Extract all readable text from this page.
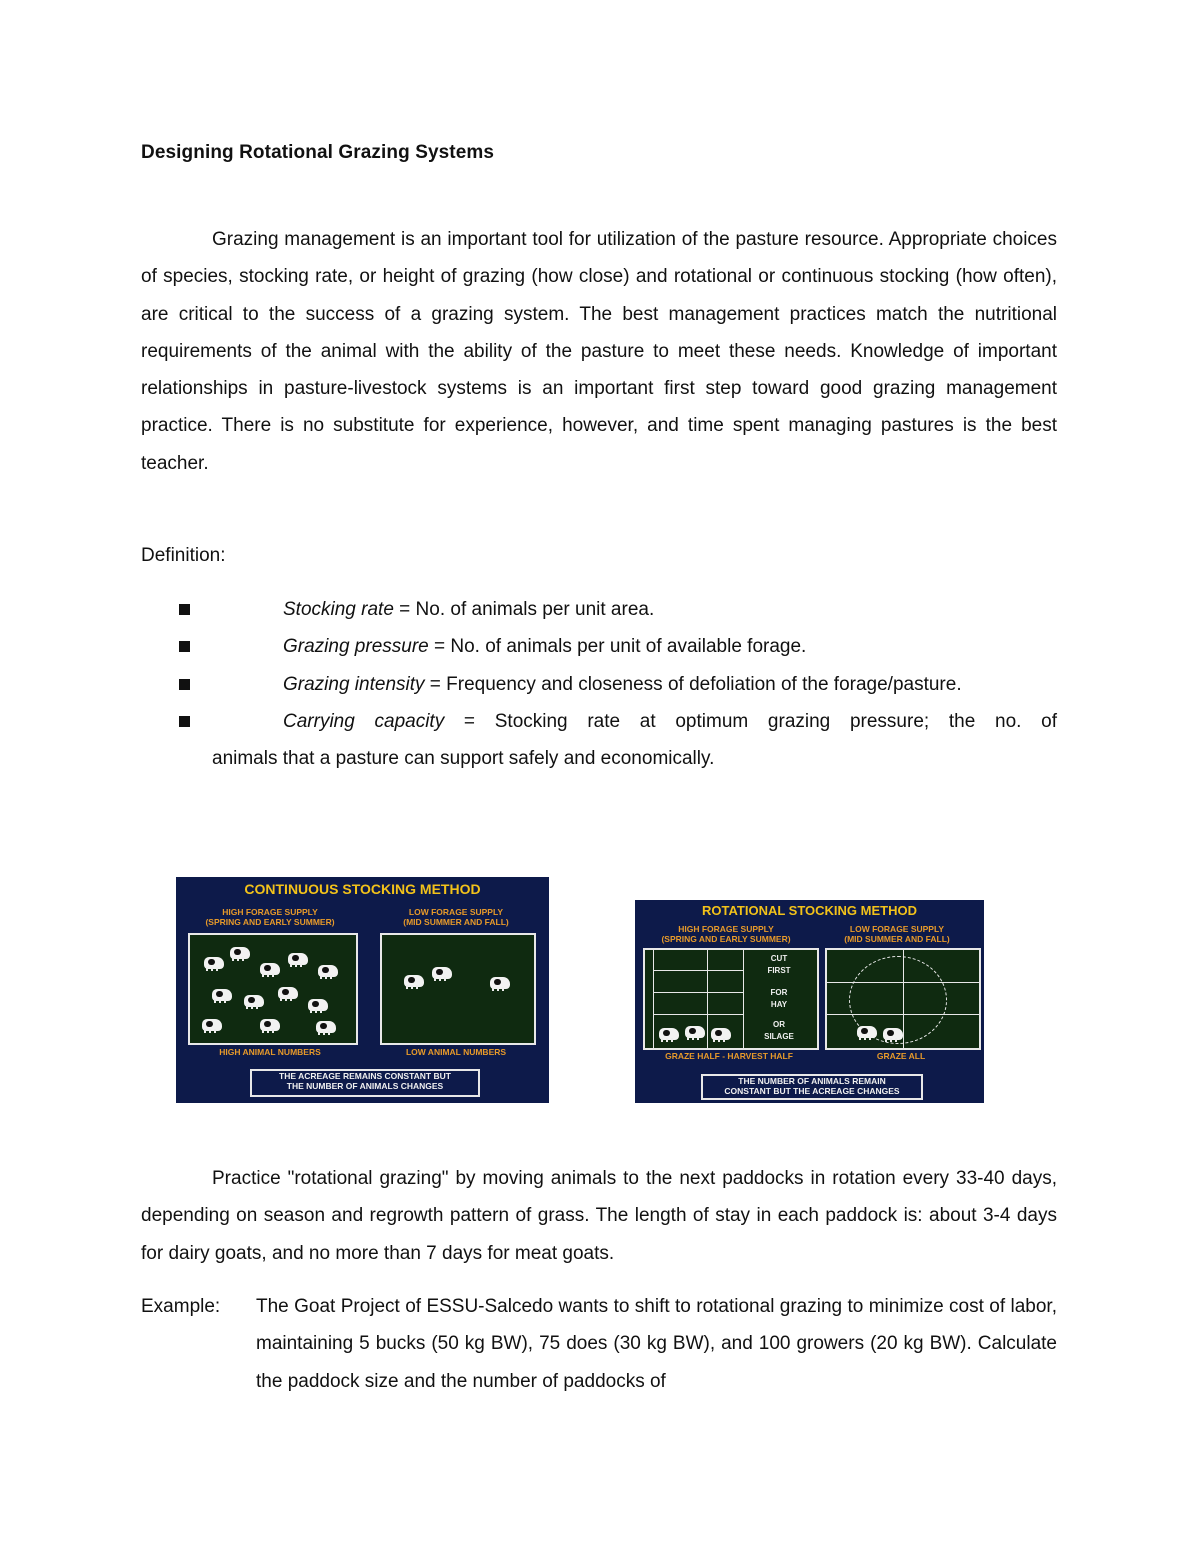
Designing Rotational Grazing Systems

Grazing management is an important tool for utilization of the pasture resource. Appropriate choices of species, stocking rate, or height of grazing (how close) and rotational or continuous stocking (how often), are critical to the success of a grazing system. The best management practices match the nutritional requirements of the animal with the ability of the pasture to meet these needs. Knowledge of important relationships in pasture-livestock systems is an important first step toward good grazing management practice. There is no substitute for experience, however, and time spent managing pastures is the best teacher.

Definition:
Stocking rate = No. of animals per unit area.
Grazing pressure = No. of animals per unit of available forage.
Grazing intensity = Frequency and closeness of defoliation of the forage/pasture.
Carrying capacity = Stocking rate at optimum grazing pressure; the no. of
animals that a pasture can support safely and economically.
CONTINUOUS STOCKING METHOD
HIGH FORAGE SUPPLY
(SPRING AND EARLY SUMMER)
LOW FORAGE SUPPLY
(MID SUMMER AND FALL)
HIGH ANIMAL NUMBERS	LOW ANIMAL NUMBERS
THE ACREAGE REMAINS CONSTANT BUT
THE NUMBER OF ANIMALS CHANGES
ROTATIONAL STOCKING METHOD
HIGH FORAGE SUPPLY
(SPRING AND EARLY SUMMER)
LOW FORAGE SUPPLY
(MID SUMMER AND FALL)
CUT
FIRST
FOR
HAY
OR
SILAGE
GRAZE HALF - HARVEST HALF	GRAZE ALL
THE NUMBER OF ANIMALS REMAIN
CONSTANT BUT THE ACREAGE CHANGES

Practice "rotational grazing" by moving animals to the next paddocks in rotation every 33-40 days, depending on season and regrowth pattern of grass. The length of stay in each paddock is: about 3-4 days for dairy goats, and no more than 7 days for meat goats.

Example: The Goat Project of ESSU-Salcedo wants to shift to rotational grazing to minimize cost of labor, maintaining 5 bucks (50 kg BW), 75 does (30 kg BW), and 100 growers (20 kg BW). Calculate the paddock size and the number of paddocks of
